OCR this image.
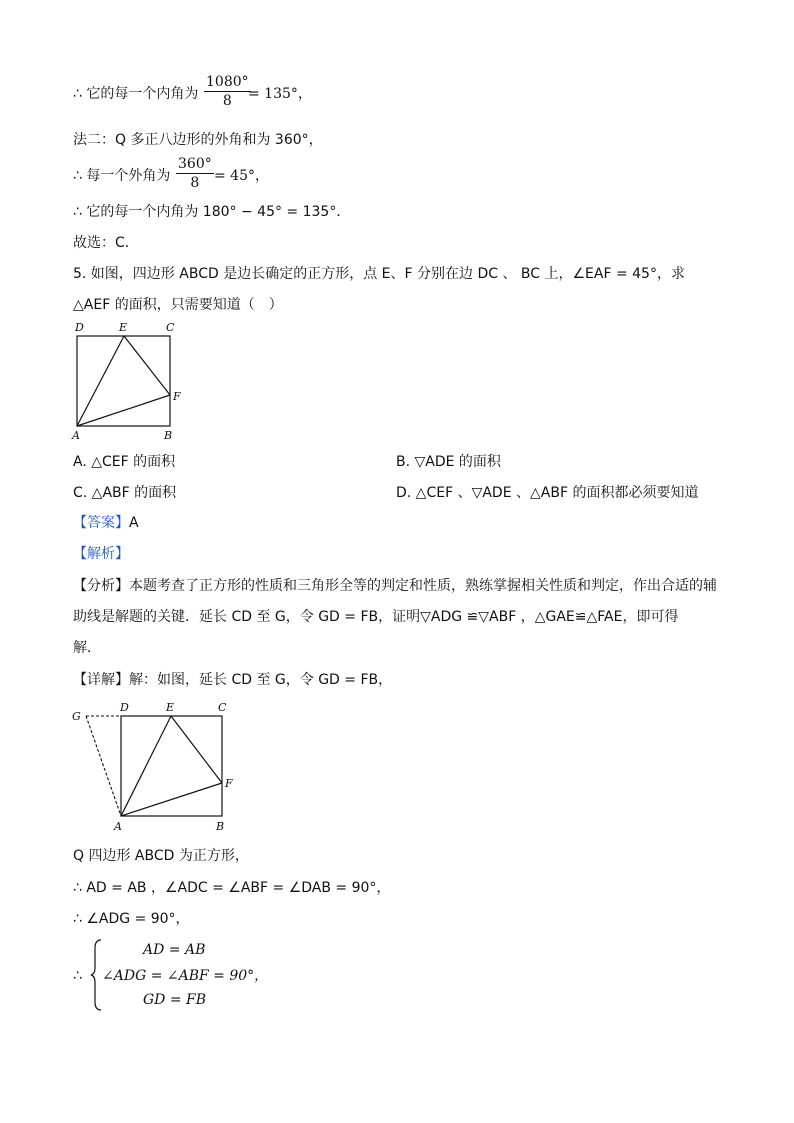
∴ 它的每一个内角为 $\frac{1080^\circ}{8}$
= 135°，
法二：Q 多正八边形的外角和为 360°，
∴ 每一个外角为 $\frac{360^\circ}{8} = 45^\circ$，
∴ 它的每一个内角为 180° − 45° = 135°．
故选：C．
5. 如图，四边形 ABCD 是边长确定的正方形，点 E、F 分别在边 DC 、 BC 上，∠EAF = 45°，求
△AEF 的面积，只需要知道（　）
D	E	C
F
A	B
A. △CEF 的面积	B. ▽ADE 的面积
C. △ABF 的面积	D. △CEF 、▽ADE 、△ABF 的面积都必须要知道
【答案】A
【解析】
【分析】本题考查了正方形的性质和三角形全等的判定和性质，熟练掌握相关性质和判定，作出合适的辅
助线是解题的关键．延长 CD 至 G，令 GD = FB，证明▽ADG ≌▽ABF ，△GAE≌△FAE，即可得
解．
【详解】解：如图，延长 CD 至 G，令 GD = FB，
G
D	E	C
F
A	B
Q 四边形 ABCD 为正方形，
∴ AD = AB ，∠ADC = ∠ABF = ∠DAB = 90°，
∴ ∠ADG = 90°，
∴
AD = AB
∠ADG = ∠ABF = 90°，
GD = FB
